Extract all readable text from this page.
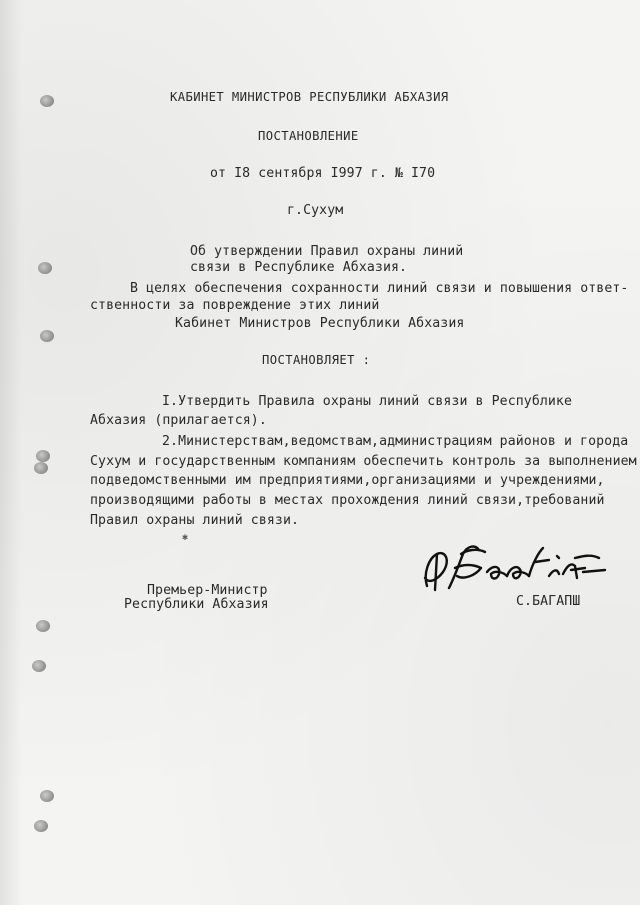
КАБИНЕТ МИНИСТРОВ РЕСПУБЛИКИ АБХАЗИЯ
ПОСТАНОВЛЕНИЕ
от I8 сентября I997 г. № I70
г.Сухум
Об утверждении Правил охраны линий
связи в Республике Абхазия.
В целях обеспечения сохранности линий связи и повышения ответ-
ственности за повреждение этих линий
Кабинет Министров Республики Абхазия
ПОСТАНОВЛЯЕТ :
I.Утвердить Правила охраны линий связи в Республике
Абхазия (прилагается).
2.Министерствам,ведомствам,администрациям районов и города
Сухум и государственным компаниям обеспечить контроль за выполнением
подведомственными им предприятиями,организациями и учреждениями,
производящими работы в местах прохождения линий связи,требований
Правил охраны линий связи.
✱
Премьер-Министр
Республики Абхазия	С.БАГАПШ
